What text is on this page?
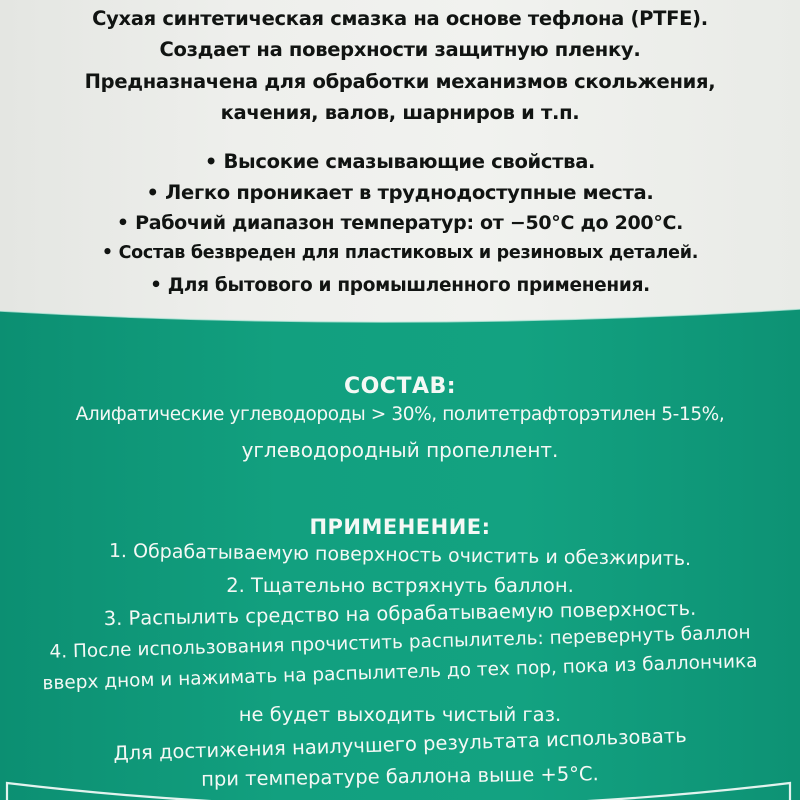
Сухая синтетическая смазка на основе тефлона (PTFE).
Создает на поверхности защитную пленку.
Предназначена для обработки механизмов скольжения,
качения, валов, шарниров и т.п.
• Высокие смазывающие свойства.
• Легко проникает в труднодоступные места.
• Рабочий диапазон температур: от −50°С до 200°С.
• Состав безвреден для пластиковых и резиновых деталей.
• Для бытового и промышленного применения.
СОСТАВ:
Алифатические углеводороды > 30%, политетрафторэтилен 5-15%,
углеводородный пропеллент.
ПРИМЕНЕНИЕ:
1. Обрабатываемую поверхность очистить и обезжирить.
2. Тщательно встряхнуть баллон.
3. Распылить средство на обрабатываемую поверхность.
4. После использования прочистить распылитель: перевернуть баллон
вверх дном и нажимать на распылитель до тех пор, пока из баллончика
не будет выходить чистый газ.
Для достижения наилучшего результата использовать
при температуре баллона выше +5°С.
